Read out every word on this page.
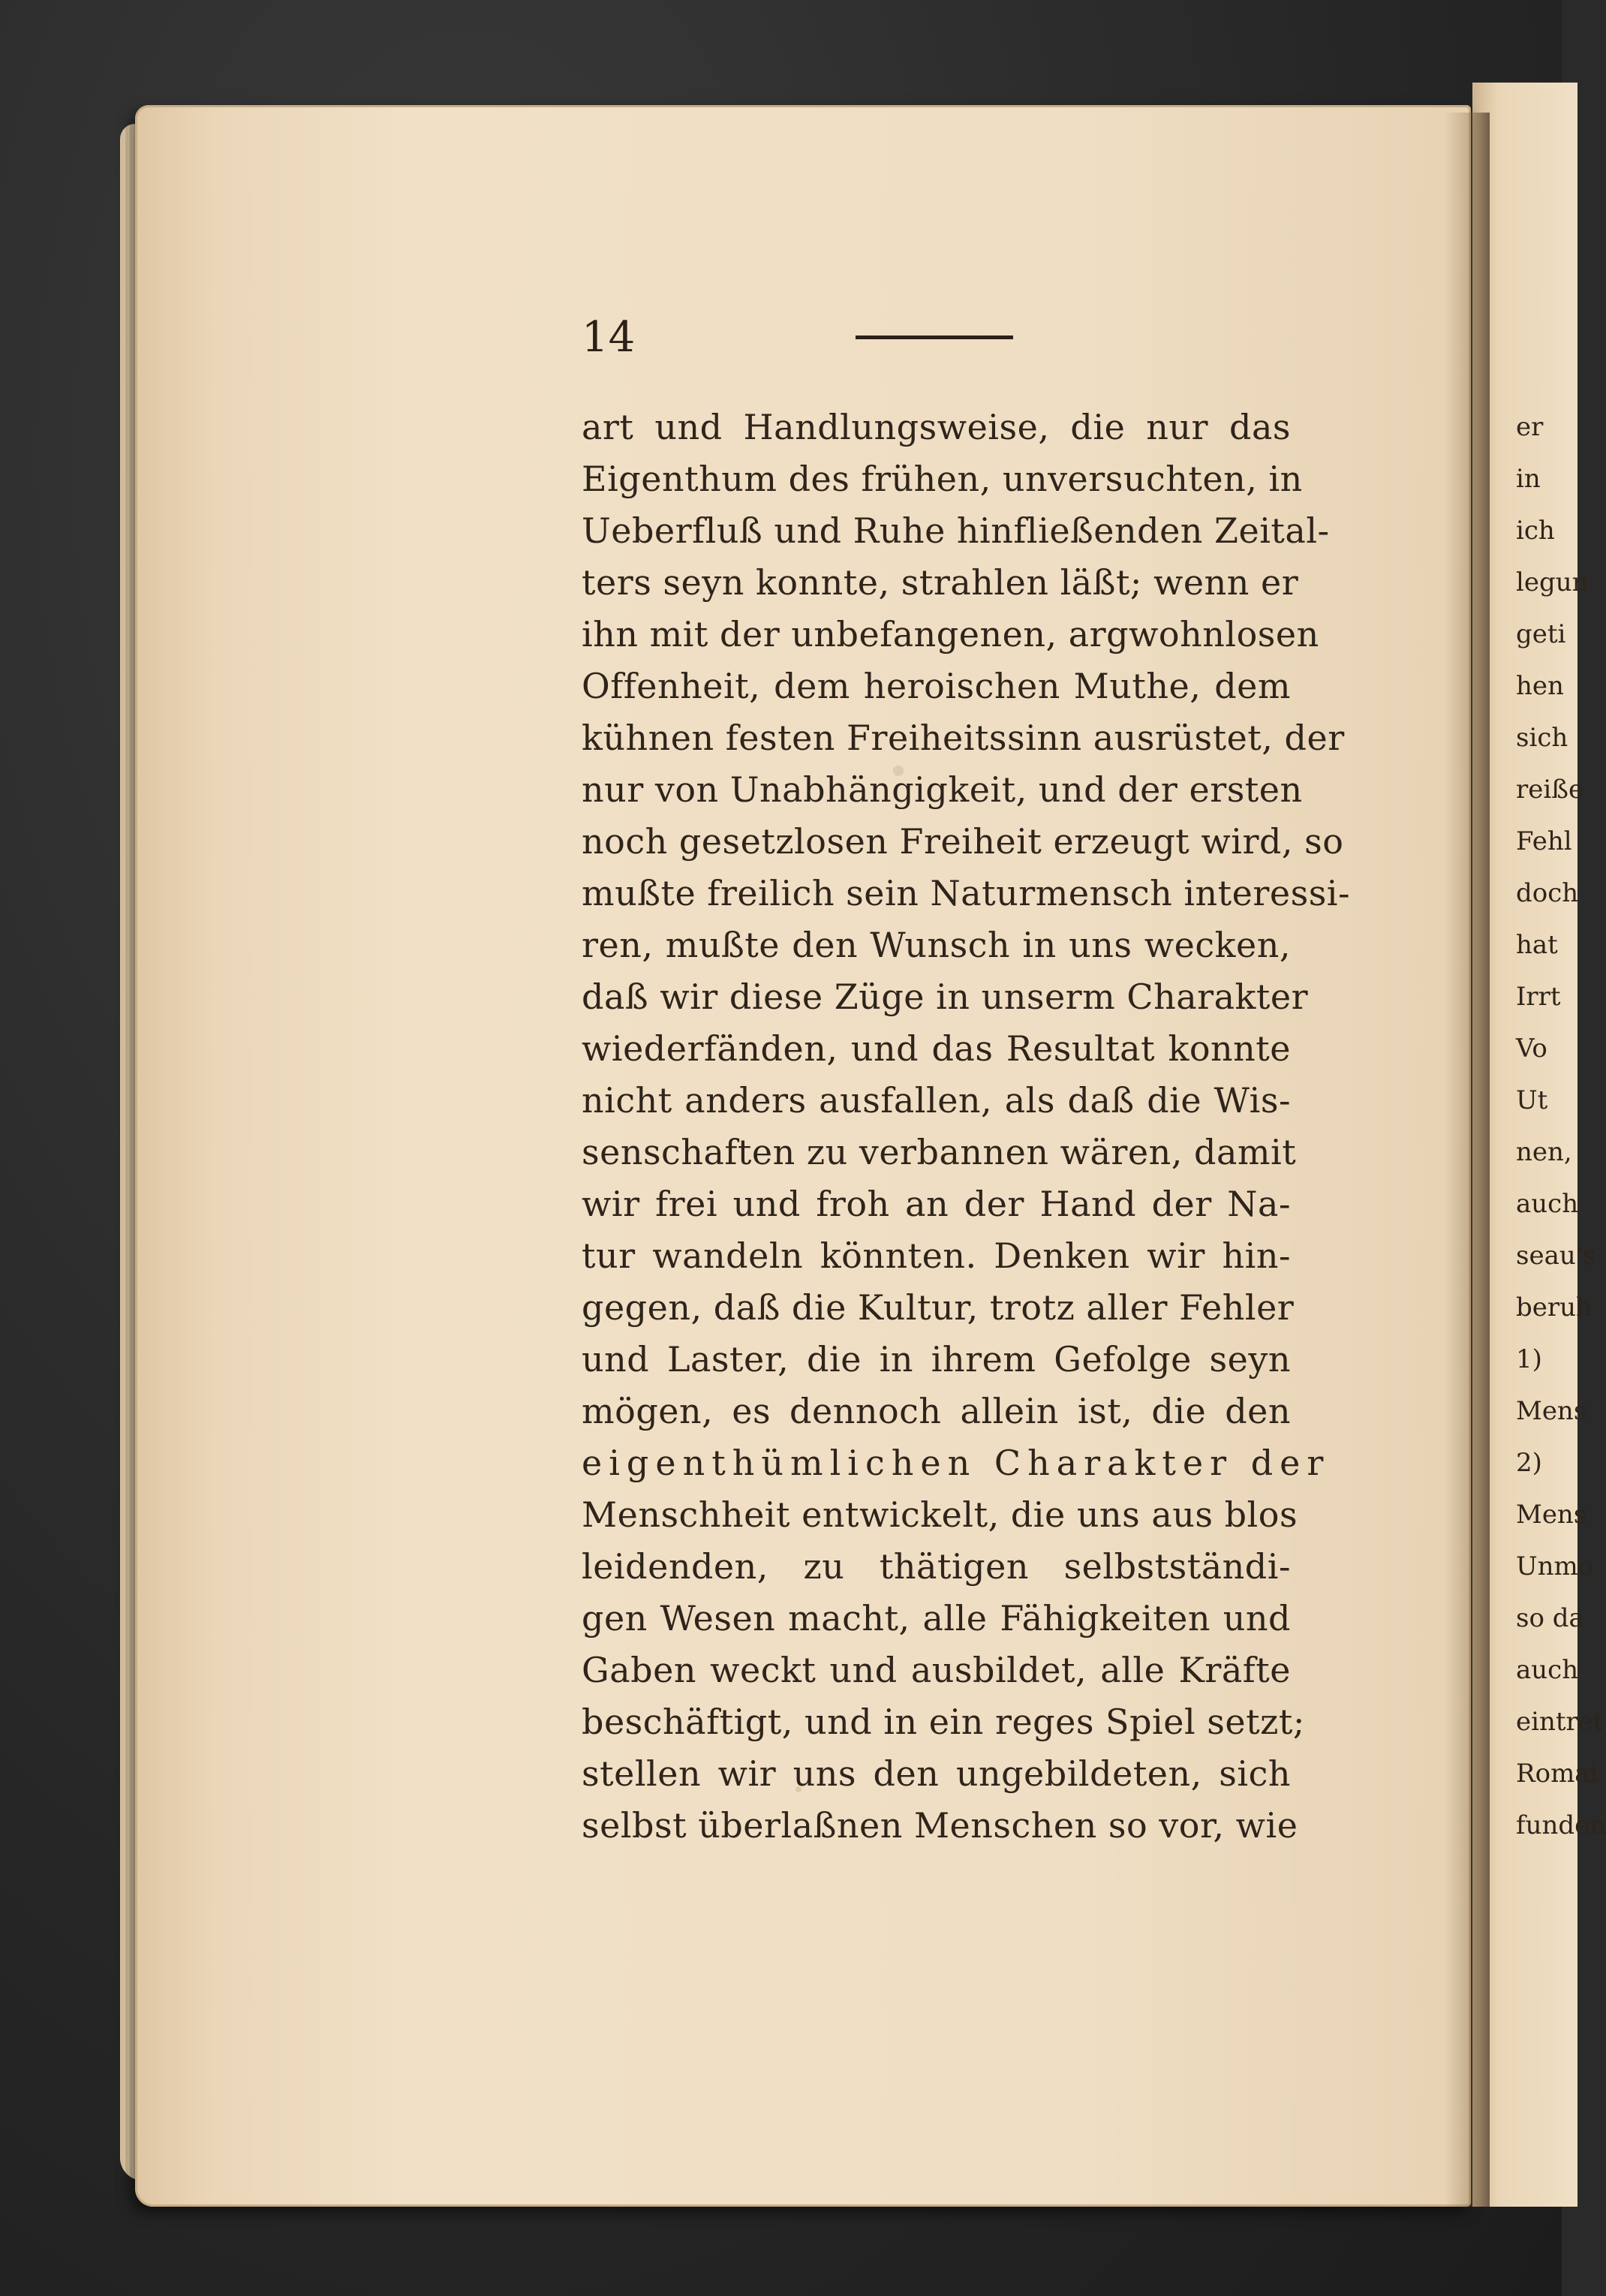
14
art und Handlungsweise, die nur das
Eigenthum des frühen, unversuchten, in
Ueberfluß und Ruhe hinfließenden Zeital-
ters seyn konnte, strahlen läßt; wenn er
ihn mit der unbefangenen, argwohnlosen
Offenheit, dem heroischen Muthe, dem
kühnen festen Freiheitssinn ausrüstet, der
nur von Unabhängigkeit, und der ersten
noch gesetzlosen Freiheit erzeugt wird, so
mußte freilich sein Naturmensch interessi-
ren, mußte den Wunsch in uns wecken,
daß wir diese Züge in unserm Charakter
wiederfänden, und das Resultat konnte
nicht anders ausfallen, als daß die Wis-
senschaften zu verbannen wären, damit
wir frei und froh an der Hand der Na-
tur wandeln könnten. Denken wir hin-
gegen, daß die Kultur, trotz aller Fehler
und Laster, die in ihrem Gefolge seyn
mögen, es dennoch allein ist, die den
eigenthümlichen Charakter der
Menschheit entwickelt, die uns aus blos
leidenden, zu thätigen selbstständi-
gen Wesen macht, alle Fähigkeiten und
Gaben weckt und ausbildet, alle Kräfte
beschäftigt, und in ein reges Spiel setzt;
stellen wir uns den ungebildeten, sich
selbst überlaßnen Menschen so vor, wie
er
in
ich
legun
geti
hen
sich
reiße
Fehl
doch
hat
Irrt
Vo
Ut
nen,
auch
seau's
beruh
1)
Mens
2)
Mens
Unmo
so da
auch
eintret
Romai
funden
